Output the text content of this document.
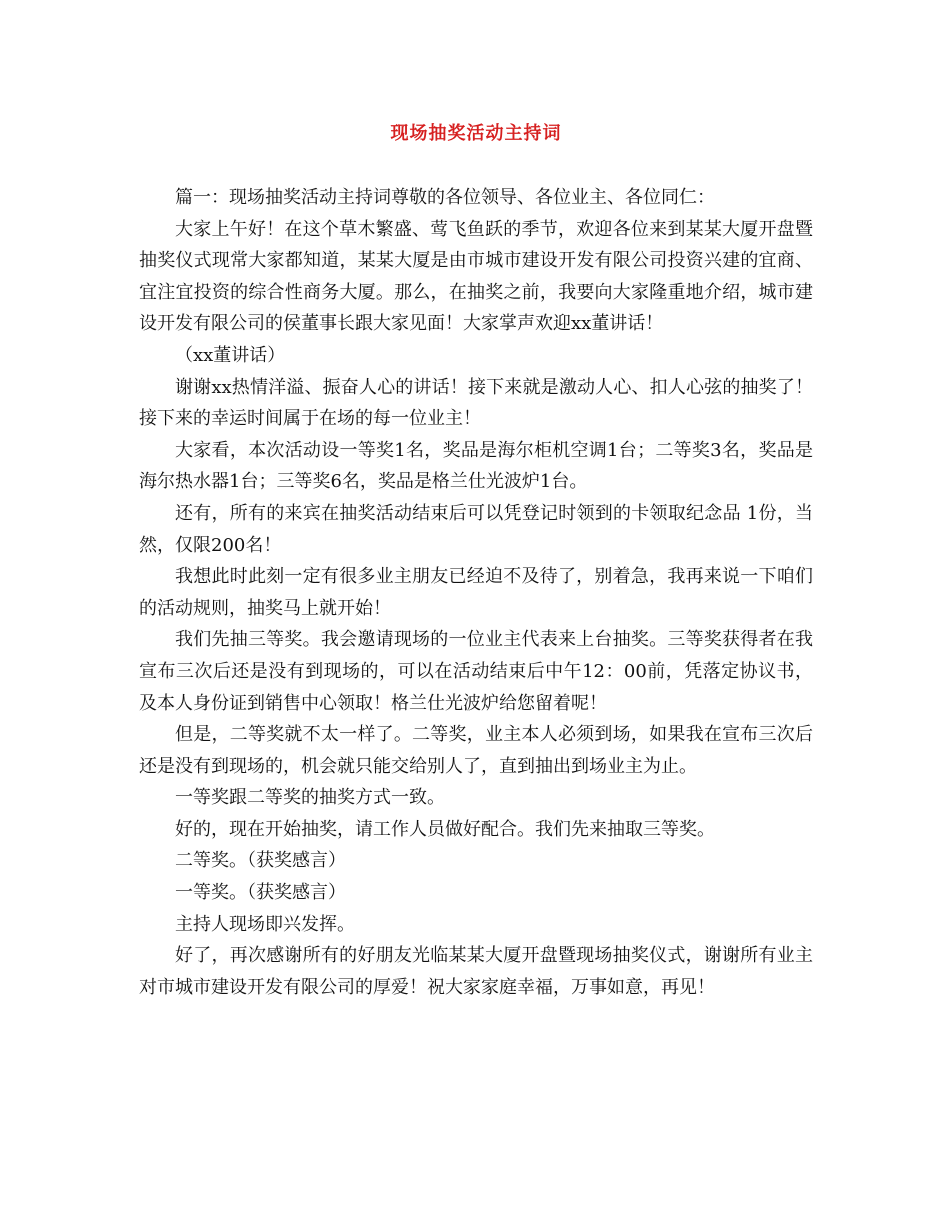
现场抽奖活动主持词

篇一：现场抽奖活动主持词尊敬的各位领导、各位业主、各位同仁：

大家上午好！在这个草木繁盛、莺飞鱼跃的季节，欢迎各位来到某某大厦开盘暨抽奖仪式现常大家都知道，某某大厦是由市城市建设开发有限公司投资兴建的宜商、宜注宜投资的综合性商务大厦。那么，在抽奖之前，我要向大家隆重地介绍，城市建设开发有限公司的侯董事长跟大家见面！大家掌声欢迎xx董讲话！

（xx董讲话）

谢谢xx热情洋溢、振奋人心的讲话！接下来就是激动人心、扣人心弦的抽奖了！接下来的幸运时间属于在场的每一位业主！

大家看，本次活动设一等奖1名，奖品是海尔柜机空调1台；二等奖3名，奖品是海尔热水器1台；三等奖6名，奖品是格兰仕光波炉1台。

还有，所有的来宾在抽奖活动结束后可以凭登记时领到的卡领取纪念品 1份，当然，仅限200名！

我想此时此刻一定有很多业主朋友已经迫不及待了，别着急，我再来说一下咱们的活动规则，抽奖马上就开始！

我们先抽三等奖。我会邀请现场的一位业主代表来上台抽奖。三等奖获得者在我宣布三次后还是没有到现场的，可以在活动结束后中午12：00前，凭落定协议书，及本人身份证到销售中心领取！格兰仕光波炉给您留着呢！

但是，二等奖就不太一样了。二等奖，业主本人必须到场，如果我在宣布三次后还是没有到现场的，机会就只能交给别人了，直到抽出到场业主为止。

一等奖跟二等奖的抽奖方式一致。

好的，现在开始抽奖，请工作人员做好配合。我们先来抽取三等奖。

二等奖。（获奖感言）

一等奖。（获奖感言）

主持人现场即兴发挥。

好了，再次感谢所有的好朋友光临某某大厦开盘暨现场抽奖仪式，谢谢所有业主对市城市建设开发有限公司的厚爱！祝大家家庭幸福，万事如意，再见！
